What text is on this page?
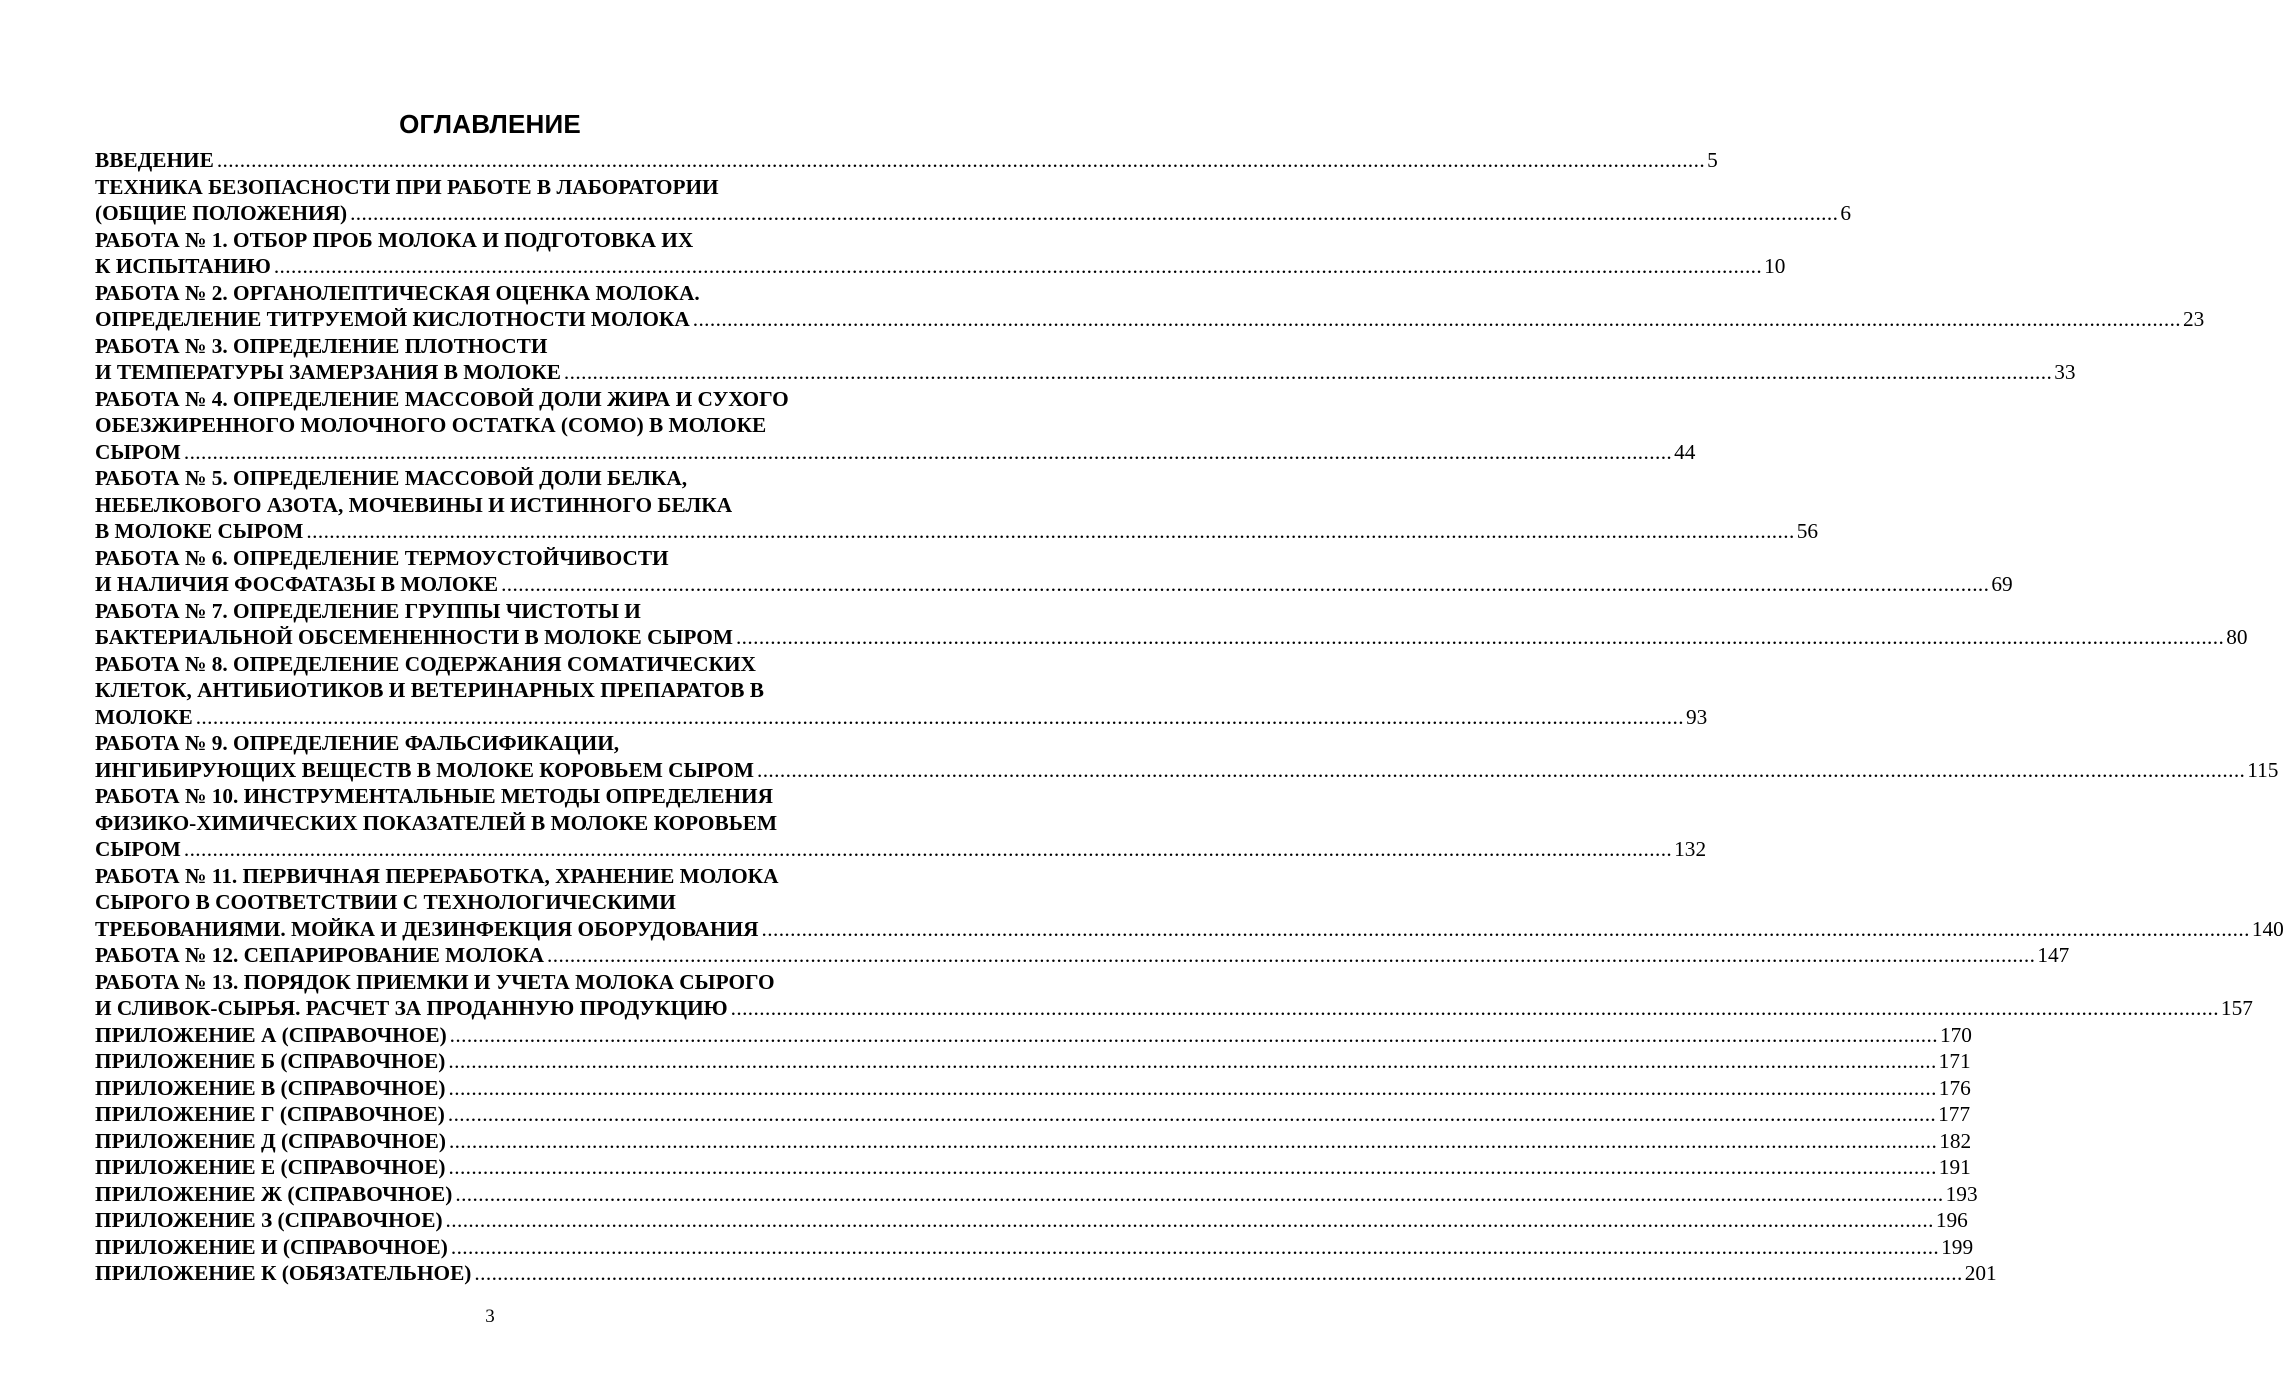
ОГЛАВЛЕНИЕ
ВВЕДЕНИЕ .................................................................................................................................................................................................................................................................... 5
ТЕХНИКА БЕЗОПАСНОСТИ ПРИ РАБОТЕ В ЛАБОРАТОРИИ
(ОБЩИЕ ПОЛОЖЕНИЯ) .................................................................................................................................................................................................................................................................... 6
РАБОТА № 1. ОТБОР ПРОБ МОЛОКА И ПОДГОТОВКА ИХ
К ИСПЫТАНИЮ .................................................................................................................................................................................................................................................................... 10
РАБОТА № 2. ОРГАНОЛЕПТИЧЕСКАЯ ОЦЕНКА МОЛОКА.
ОПРЕДЕЛЕНИЕ ТИТРУЕМОЙ КИСЛОТНОСТИ МОЛОКА .................................................................................................................................................................................................................................................................... 23
РАБОТА № 3. ОПРЕДЕЛЕНИЕ ПЛОТНОСТИ
И ТЕМПЕРАТУРЫ ЗАМЕРЗАНИЯ В МОЛОКЕ .................................................................................................................................................................................................................................................................... 33
РАБОТА № 4. ОПРЕДЕЛЕНИЕ МАССОВОЙ ДОЛИ ЖИРА И СУХОГО
ОБЕЗЖИРЕННОГО МОЛОЧНОГО ОСТАТКА (СОМО) В МОЛОКЕ
СЫРОМ .................................................................................................................................................................................................................................................................... 44
РАБОТА № 5. ОПРЕДЕЛЕНИЕ МАССОВОЙ ДОЛИ БЕЛКА,
НЕБЕЛКОВОГО АЗОТА, МОЧЕВИНЫ И ИСТИННОГО БЕЛКА
В МОЛОКЕ СЫРОМ .................................................................................................................................................................................................................................................................... 56
РАБОТА № 6. ОПРЕДЕЛЕНИЕ ТЕРМОУСТОЙЧИВОСТИ
И НАЛИЧИЯ ФОСФАТАЗЫ В МОЛОКЕ .................................................................................................................................................................................................................................................................... 69
РАБОТА № 7. ОПРЕДЕЛЕНИЕ ГРУППЫ ЧИСТОТЫ И
БАКТЕРИАЛЬНОЙ ОБСЕМЕНЕННОСТИ В МОЛОКЕ СЫРОМ .................................................................................................................................................................................................................................................................... 80
РАБОТА № 8. ОПРЕДЕЛЕНИЕ СОДЕРЖАНИЯ СОМАТИЧЕСКИХ
КЛЕТОК, АНТИБИОТИКОВ И ВЕТЕРИНАРНЫХ ПРЕПАРАТОВ В
МОЛОКЕ .................................................................................................................................................................................................................................................................... 93
РАБОТА № 9. ОПРЕДЕЛЕНИЕ ФАЛЬСИФИКАЦИИ,
ИНГИБИРУЮЩИХ ВЕЩЕСТВ В МОЛОКЕ КОРОВЬЕМ СЫРОМ .................................................................................................................................................................................................................................................................... 115
РАБОТА № 10. ИНСТРУМЕНТАЛЬНЫЕ МЕТОДЫ ОПРЕДЕЛЕНИЯ
ФИЗИКО-ХИМИЧЕСКИХ ПОКАЗАТЕЛЕЙ В МОЛОКЕ КОРОВЬЕМ
СЫРОМ .................................................................................................................................................................................................................................................................... 132
РАБОТА № 11. ПЕРВИЧНАЯ ПЕРЕРАБОТКА, ХРАНЕНИЕ МОЛОКА
СЫРОГО В СООТВЕТСТВИИ С ТЕХНОЛОГИЧЕСКИМИ
ТРЕБОВАНИЯМИ. МОЙКА И ДЕЗИНФЕКЦИЯ ОБОРУДОВАНИЯ .................................................................................................................................................................................................................................................................... 140
РАБОТА № 12. СЕПАРИРОВАНИЕ МОЛОКА .................................................................................................................................................................................................................................................................... 147
РАБОТА № 13. ПОРЯДОК ПРИЕМКИ И УЧЕТА МОЛОКА СЫРОГО
И СЛИВОК-СЫРЬЯ. РАСЧЕТ ЗА ПРОДАННУЮ ПРОДУКЦИЮ .................................................................................................................................................................................................................................................................... 157
ПРИЛОЖЕНИЕ А (СПРАВОЧНОЕ) .................................................................................................................................................................................................................................................................... 170
ПРИЛОЖЕНИЕ Б (СПРАВОЧНОЕ) .................................................................................................................................................................................................................................................................... 171
ПРИЛОЖЕНИЕ В (СПРАВОЧНОЕ) .................................................................................................................................................................................................................................................................... 176
ПРИЛОЖЕНИЕ Г (СПРАВОЧНОЕ) .................................................................................................................................................................................................................................................................... 177
ПРИЛОЖЕНИЕ Д (СПРАВОЧНОЕ) .................................................................................................................................................................................................................................................................... 182
ПРИЛОЖЕНИЕ Е (СПРАВОЧНОЕ) .................................................................................................................................................................................................................................................................... 191
ПРИЛОЖЕНИЕ Ж (СПРАВОЧНОЕ) .................................................................................................................................................................................................................................................................... 193
ПРИЛОЖЕНИЕ З (СПРАВОЧНОЕ) .................................................................................................................................................................................................................................................................... 196
ПРИЛОЖЕНИЕ И (СПРАВОЧНОЕ) .................................................................................................................................................................................................................................................................... 199
ПРИЛОЖЕНИЕ К (ОБЯЗАТЕЛЬНОЕ) .................................................................................................................................................................................................................................................................... 201
3
